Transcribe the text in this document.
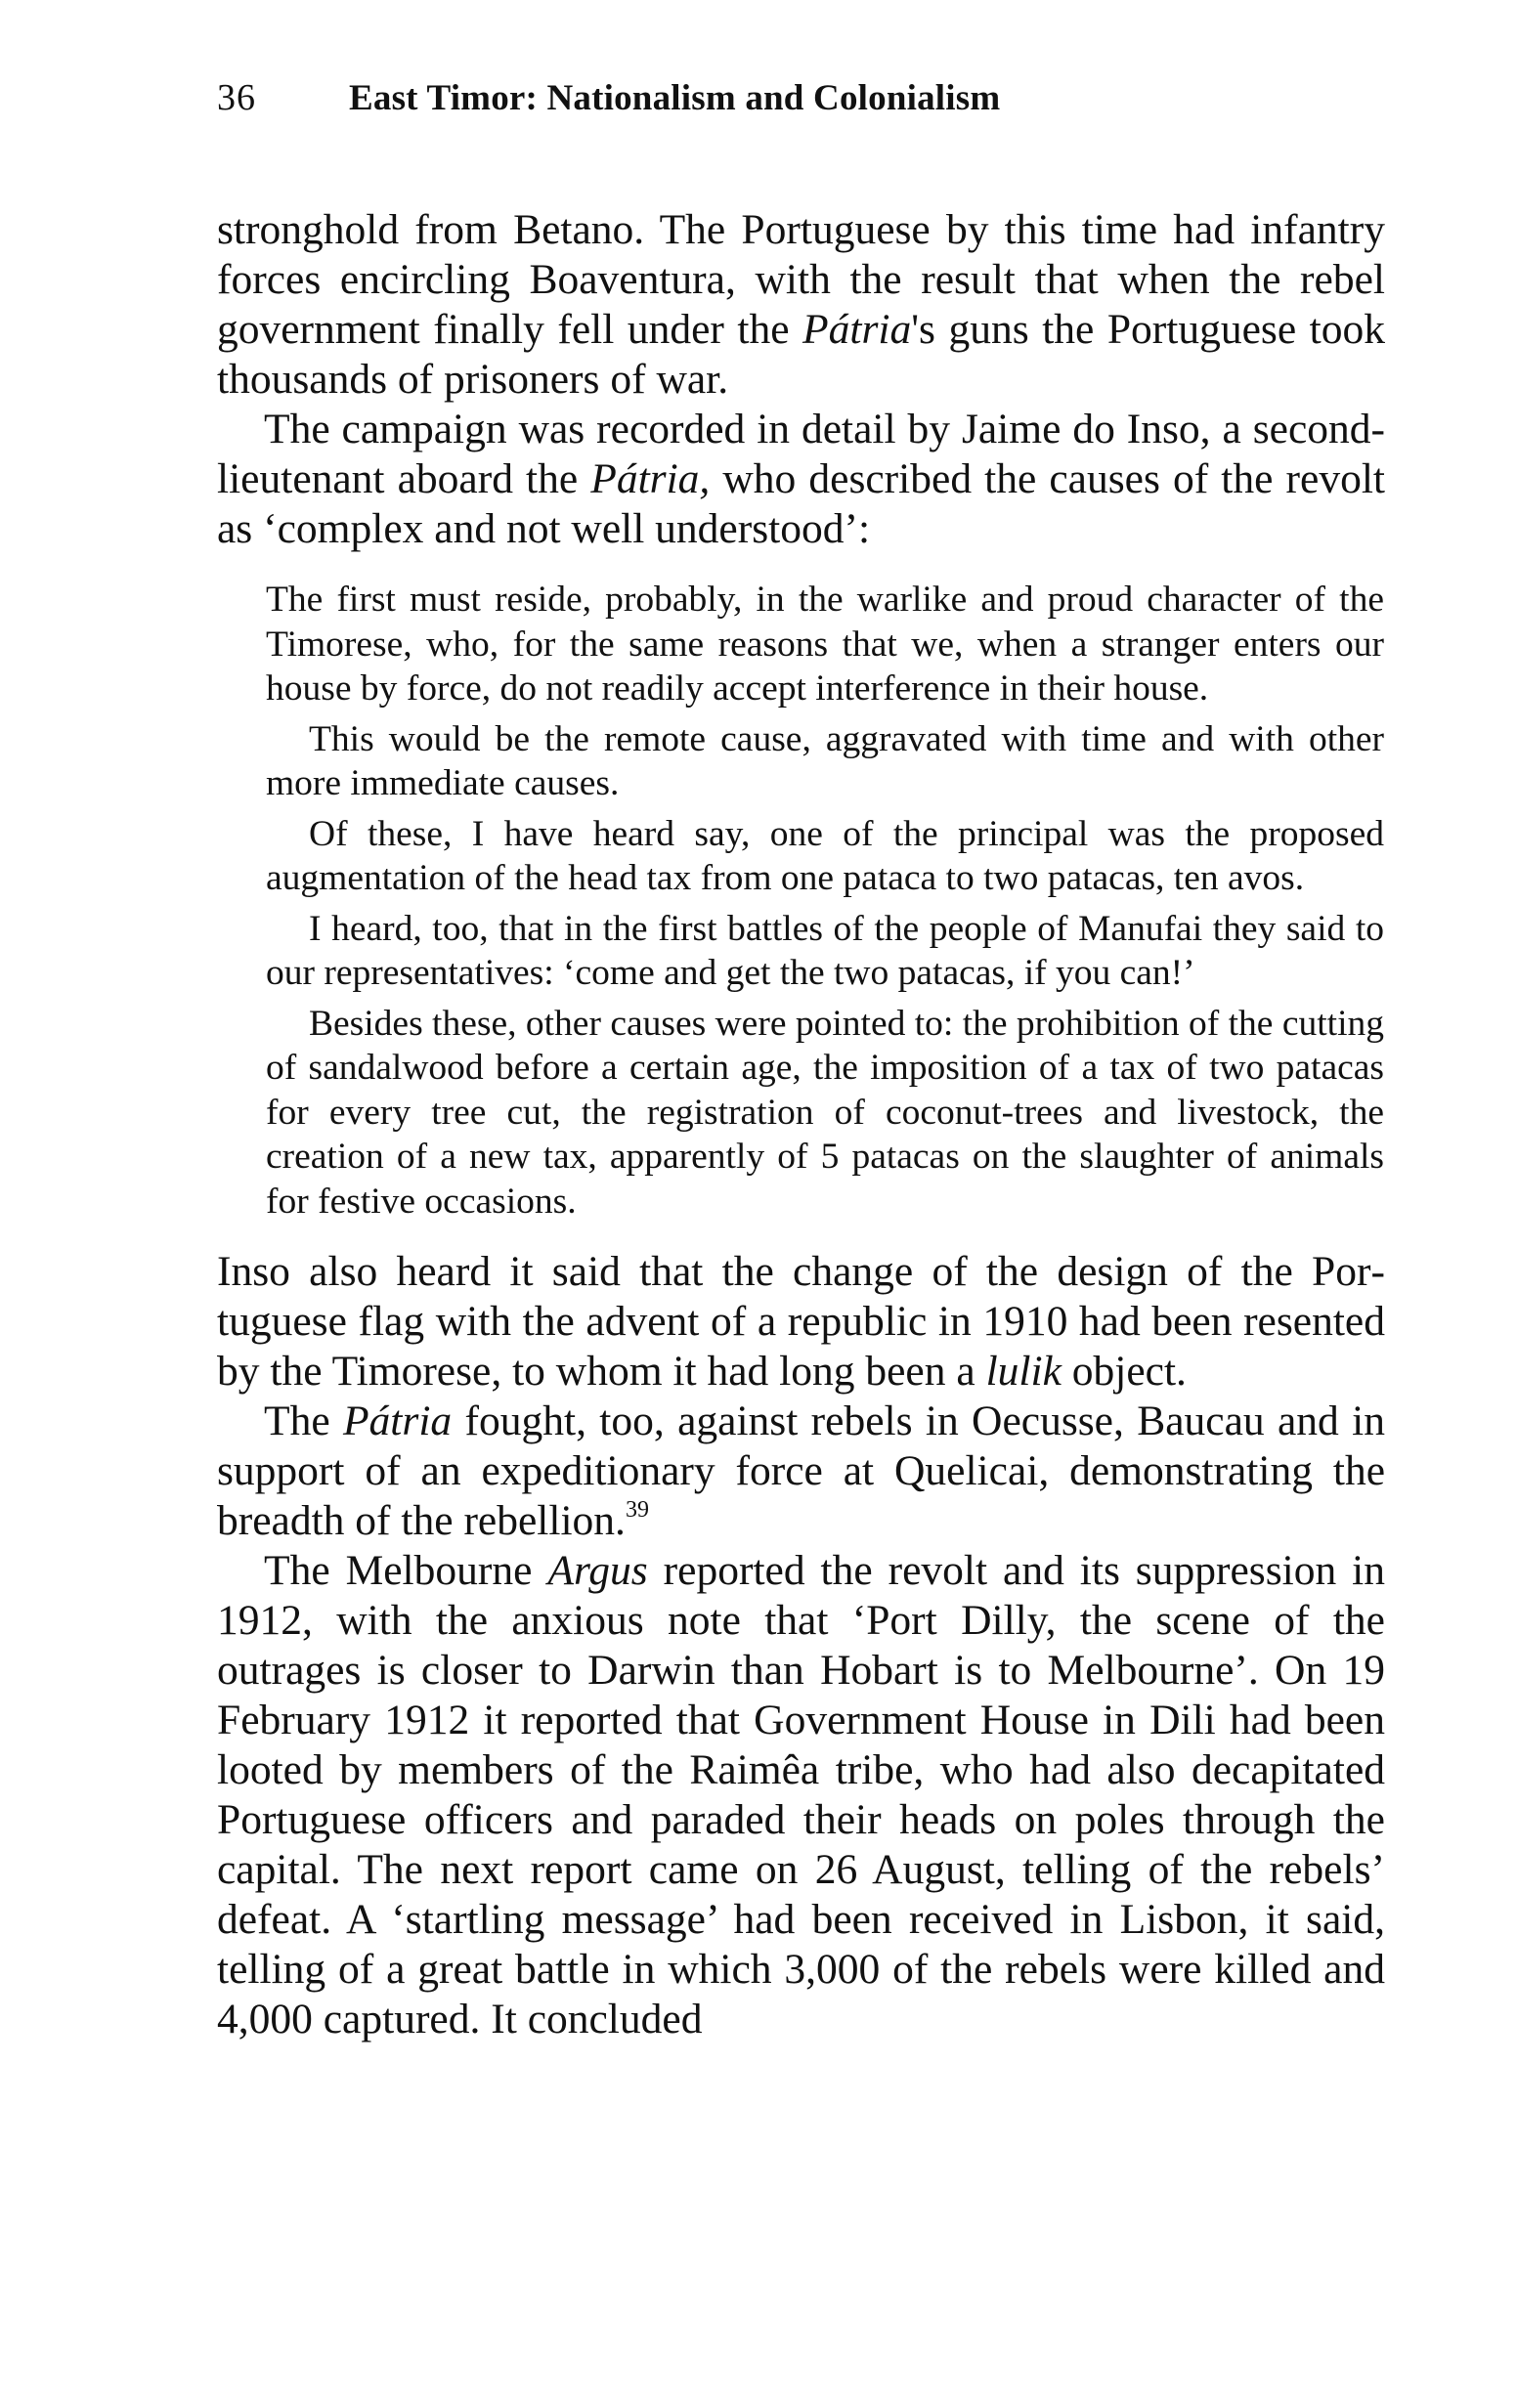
36	East Timor: Nationalism and Colonialism

stronghold from Betano. The Portuguese by this time had infantry forces encircling Boaventura, with the result that when the rebel government finally fell under the Pátria's guns the Portuguese took thousands of prisoners of war.

The campaign was recorded in detail by Jaime do Inso, a second-lieutenant aboard the Pátria, who described the causes of the revolt as ‘complex and not well understood’:

The first must reside, probably, in the warlike and proud character of the Timorese, who, for the same reasons that we, when a stranger enters our house by force, do not readily accept interference in their house.

This would be the remote cause, aggravated with time and with other more immediate causes.

Of these, I have heard say, one of the principal was the proposed augmentation of the head tax from one pataca to two patacas, ten avos.

I heard, too, that in the first battles of the people of Manufai they said to our representatives: ‘come and get the two patacas, if you can!’

Besides these, other causes were pointed to: the prohibition of the cutting of sandalwood before a certain age, the imposition of a tax of two patacas for every tree cut, the registration of coconut-trees and livestock, the creation of a new tax, apparently of 5 patacas on the slaughter of animals for festive occasions.

Inso also heard it said that the change of the design of the Portuguese flag with the advent of a republic in 1910 had been resented by the Timorese, to whom it had long been a lulik object.

The Pátria fought, too, against rebels in Oecusse, Baucau and in support of an expeditionary force at Quelicai, demonstrating the breadth of the rebellion.$^{39}$

The Melbourne Argus reported the revolt and its suppression in 1912, with the anxious note that ‘Port Dilly, the scene of the outrages is closer to Darwin than Hobart is to Melbourne’. On 19 February 1912 it reported that Government House in Dili had been looted by members of the Raimêa tribe, who had also decapitated Portuguese officers and paraded their heads on poles through the capital. The next report came on 26 August, telling of the rebels’ defeat. A ‘startling message’ had been received in Lisbon, it said, telling of a great battle in which 3,000 of the rebels were killed and 4,000 captured. It concluded
